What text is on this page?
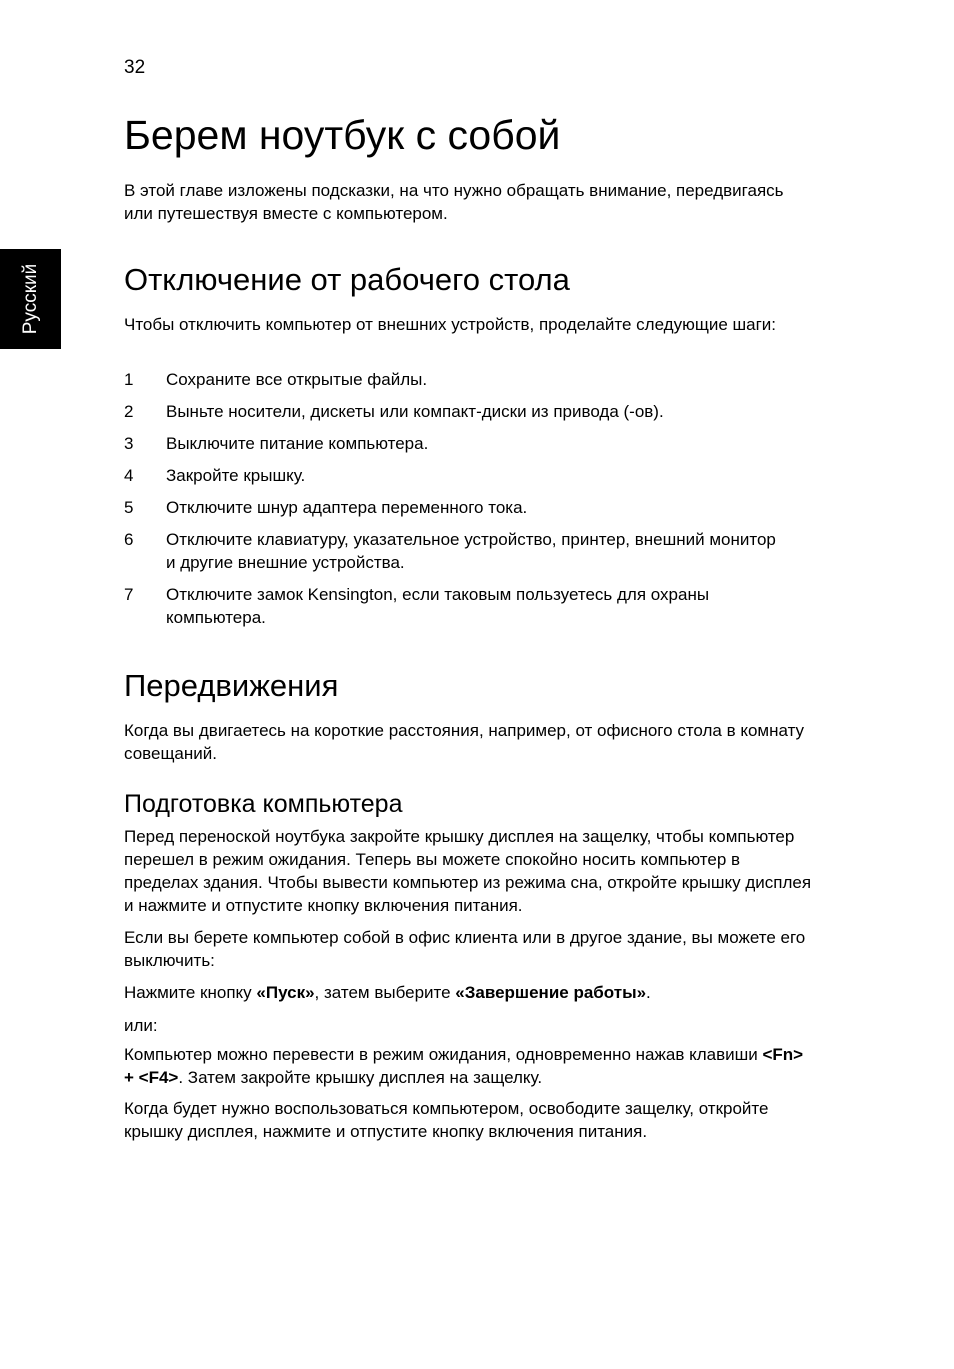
32
Русский
Берем ноутбук с собой

В этой главе изложены подсказки, на что нужно обращать внимание, передвигаясь или путешествуя вместе с компьютером.

Отключение от рабочего стола

Чтобы отключить компьютер от внешних устройств, проделайте следующие шаги:

1	Сохраните все открытые файлы.
2	Выньте носители, дискеты или компакт-диски из привода (-ов).
3	Выключите питание компьютера.
4	Закройте крышку.
5	Отключите шнур адаптера переменного тока.
6	Отключите клавиатуру, указательное устройство, принтер, внешний монитор и другие внешние устройства.
7	Отключите замок Kensington, если таковым пользуетесь для охраны компьютера.
Передвижения

Когда вы двигаетесь на короткие расстояния, например, от офисного стола в комнату совещаний.

Подготовка компьютера

Перед переноской ноутбука закройте крышку дисплея на защелку, чтобы компьютер перешел в режим ожидания. Теперь вы можете спокойно носить компьютер в пределах здания. Чтобы вывести компьютер из режима сна, откройте крышку дисплея и нажмите и отпустите кнопку включения питания.

Если вы берете компьютер собой в офис клиента или в другое здание, вы можете его выключить:

Нажмите кнопку «Пуск», затем выберите «Завершение работы».

или:

Компьютер можно перевести в режим ожидания, одновременно нажав клавиши <Fn> + <F4>. Затем закройте крышку дисплея на защелку.

Когда будет нужно воспользоваться компьютером, освободите защелку, откройте крышку дисплея, нажмите и отпустите кнопку включения питания.
